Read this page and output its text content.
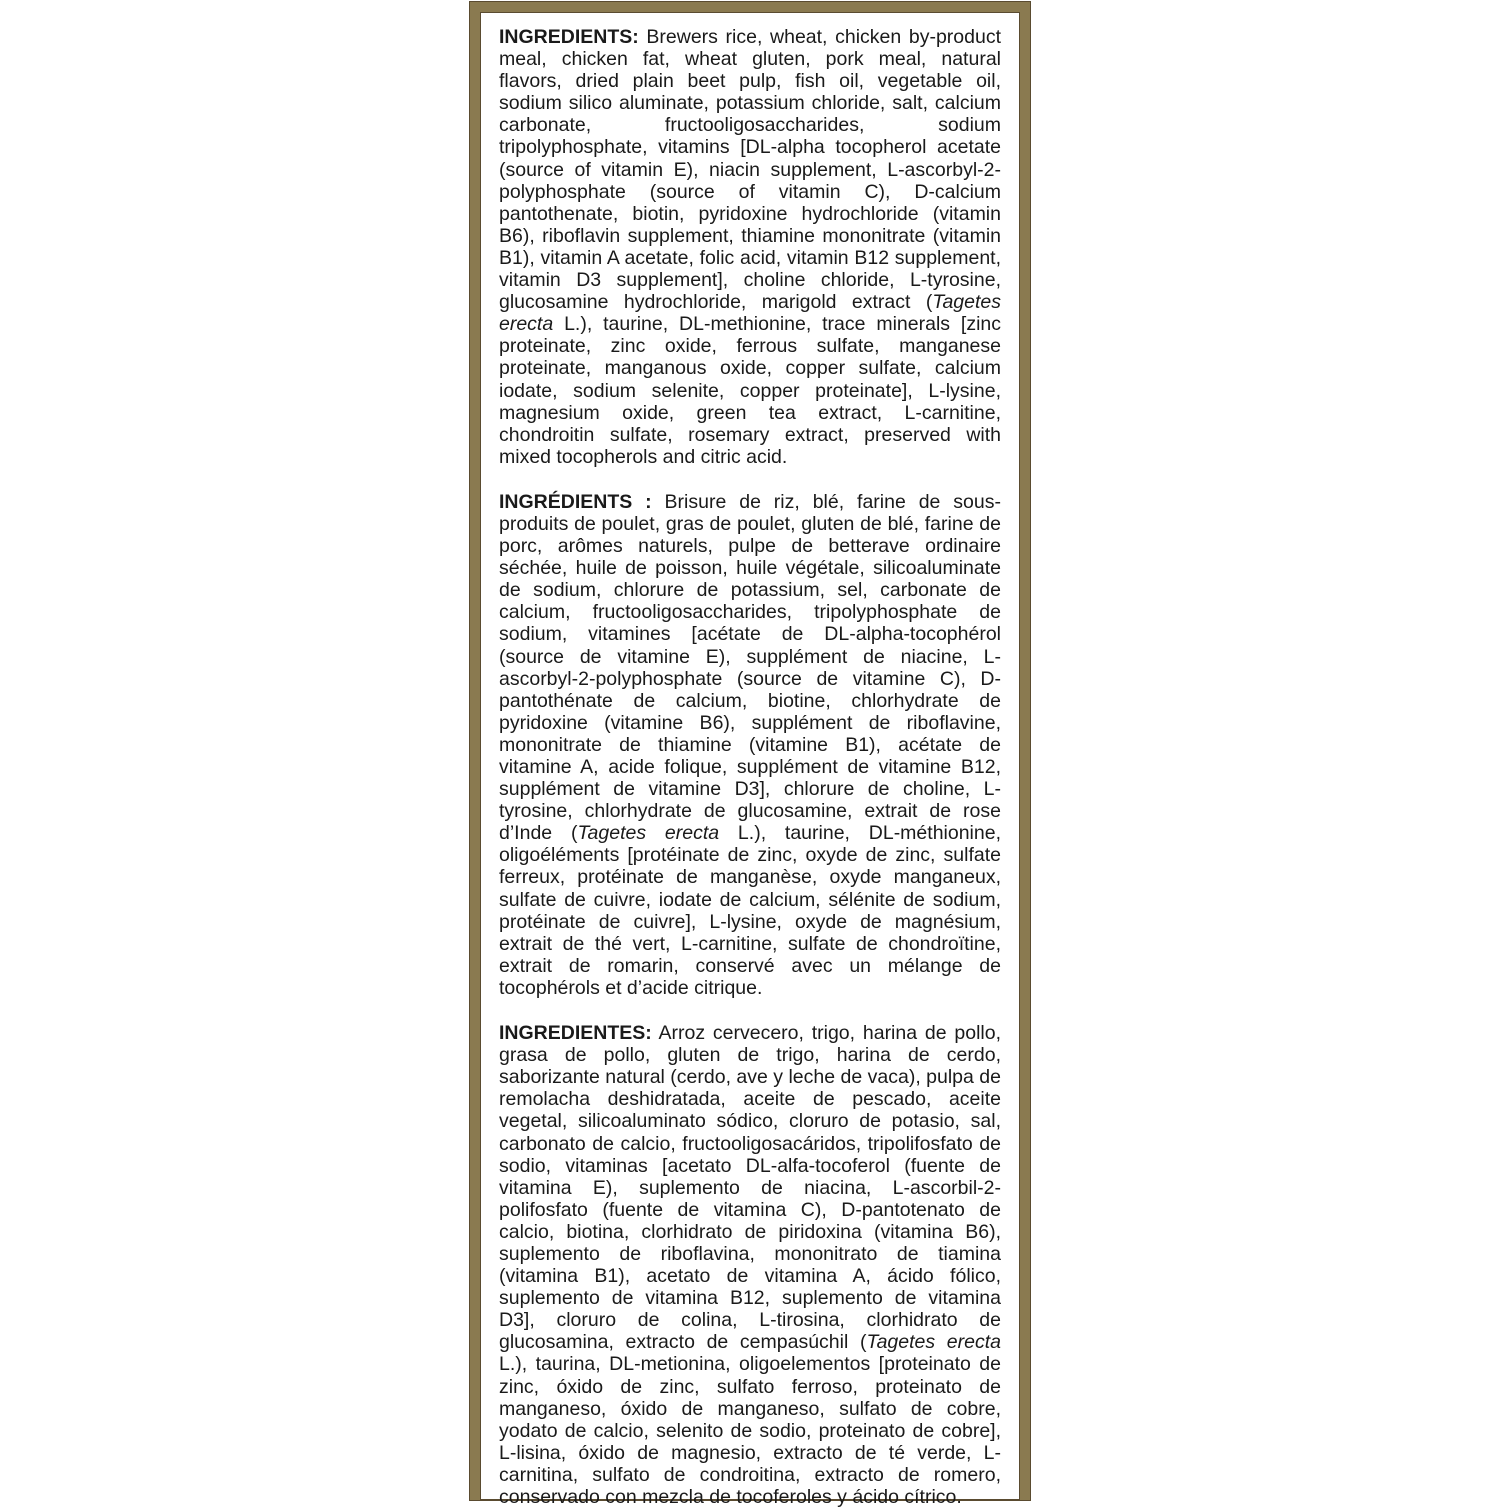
INGREDIENTS: Brewers rice, wheat, chicken by-product meal, chicken fat, wheat gluten, pork meal, natural flavors, dried plain beet pulp, fish oil, vegetable oil, sodium silico aluminate, potassium chloride, salt, calcium carbonate, fructooligosaccharides, sodium tripolyphosphate, vitamins [DL-alpha tocopherol acetate (source of vitamin E), niacin supplement, L-ascorbyl-2-polyphosphate (source of vitamin C), D-calcium pantothenate, biotin, pyridoxine hydrochloride (vitamin B6), riboflavin supplement, thiamine mononitrate (vitamin B1), vitamin A acetate, folic acid, vitamin B12 supplement, vitamin D3 supplement], choline chloride, L-tyrosine, glucosamine hydrochloride, marigold extract (Tagetes erecta L.), taurine, DL-methionine, trace minerals [zinc proteinate, zinc oxide, ferrous sulfate, manganese proteinate, manganous oxide, copper sulfate, calcium iodate, sodium selenite, copper proteinate], L-lysine, magnesium oxide, green tea extract, L-carnitine, chondroitin sulfate, rosemary extract, preserved with mixed tocopherols and citric acid.

INGRÉDIENTS : Brisure de riz, blé, farine de sous-produits de poulet, gras de poulet, gluten de blé, farine de porc, arômes naturels, pulpe de betterave ordinaire séchée, huile de poisson, huile végétale, silicoaluminate de sodium, chlorure de potassium, sel, carbonate de calcium, fructooligosaccharides, tripolyphosphate de sodium, vitamines [acétate de DL-alpha-tocophérol (source de vitamine E), supplément de niacine, L-ascorbyl-2-polyphosphate (source de vitamine C), D-pantothénate de calcium, biotine, chlorhydrate de pyridoxine (vitamine B6), supplément de riboflavine, mononitrate de thiamine (vitamine B1), acétate de vitamine A, acide folique, supplément de vitamine B12, supplément de vitamine D3], chlorure de choline, L-tyrosine, chlorhydrate de glucosamine, extrait de rose d’Inde (Tagetes erecta L.), taurine, DL-méthionine, oligoéléments [protéinate de zinc, oxyde de zinc, sulfate ferreux, protéinate de manganèse, oxyde manganeux, sulfate de cuivre, iodate de calcium, sélénite de sodium, protéinate de cuivre], L-lysine, oxyde de magnésium, extrait de thé vert, L-carnitine, sulfate de chondroïtine, extrait de romarin, conservé avec un mélange de tocophérols et d’acide citrique.

INGREDIENTES: Arroz cervecero, trigo, harina de pollo, grasa de pollo, gluten de trigo, harina de cerdo, saborizante natural (cerdo, ave y leche de vaca), pulpa de remolacha deshidratada, aceite de pescado, aceite vegetal, silicoaluminato sódico, cloruro de potasio, sal, carbonato de calcio, fructooligosacáridos, tripolifosfato de sodio, vitaminas [acetato DL-alfa-tocoferol (fuente de vitamina E), suplemento de niacina, L-ascorbil-2-polifosfato (fuente de vitamina C), D-pantotenato de calcio, biotina, clorhidrato de piridoxina (vitamina B6), suplemento de riboflavina, mononitrato de tiamina (vitamina B1), acetato de vitamina A, ácido fólico, suplemento de vitamina B12, suplemento de vitamina D3], cloruro de colina, L-tirosina, clorhidrato de glucosamina, extracto de cempasúchil (Tagetes erecta L.), taurina, DL-metionina, oligoelementos [proteinato de zinc, óxido de zinc, sulfato ferroso, proteinato de manganeso, óxido de manganeso, sulfato de cobre, yodato de calcio, selenito de sodio, proteinato de cobre], L-lisina, óxido de magnesio, extracto de té verde, L-carnitina, sulfato de condroitina, extracto de romero, conservado con mezcla de tocoferoles y ácido cítrico.
